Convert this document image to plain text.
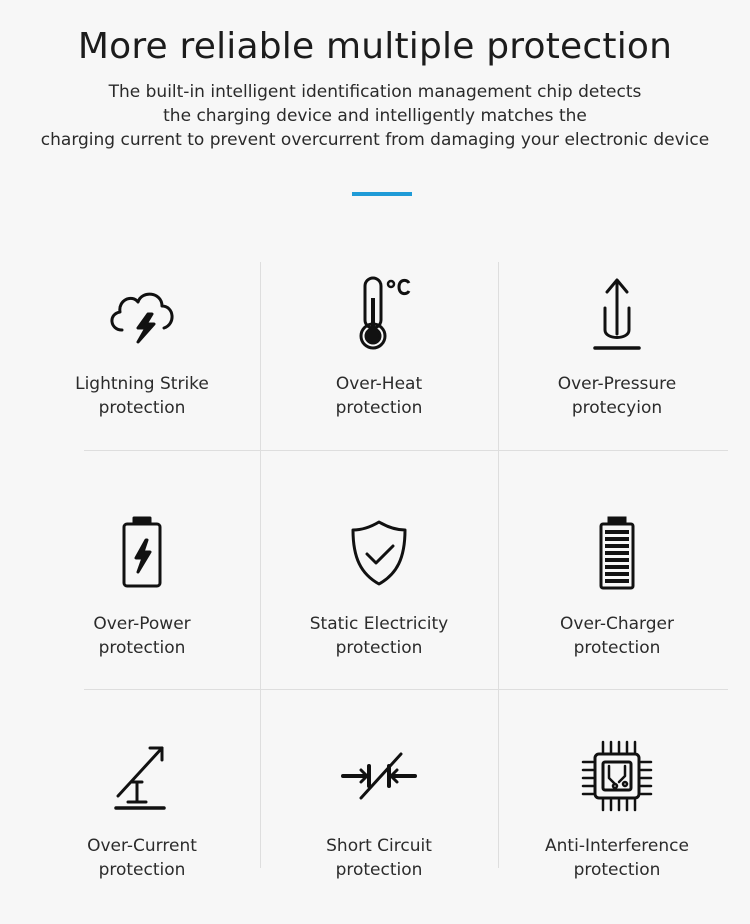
More reliable multiple protection
The built-in intelligent identification management chip detects
the charging device and intelligently matches the
charging current to prevent overcurrent from damaging your electronic device
Lightning Strike
protection
Over-Heat
protection
Over-Pressure
protecyion
Over-Power
protection
Static Electricity
protection
Over-Charger
protection
Over-Current
protection
Short Circuit
protection
Anti-Interference
protection
